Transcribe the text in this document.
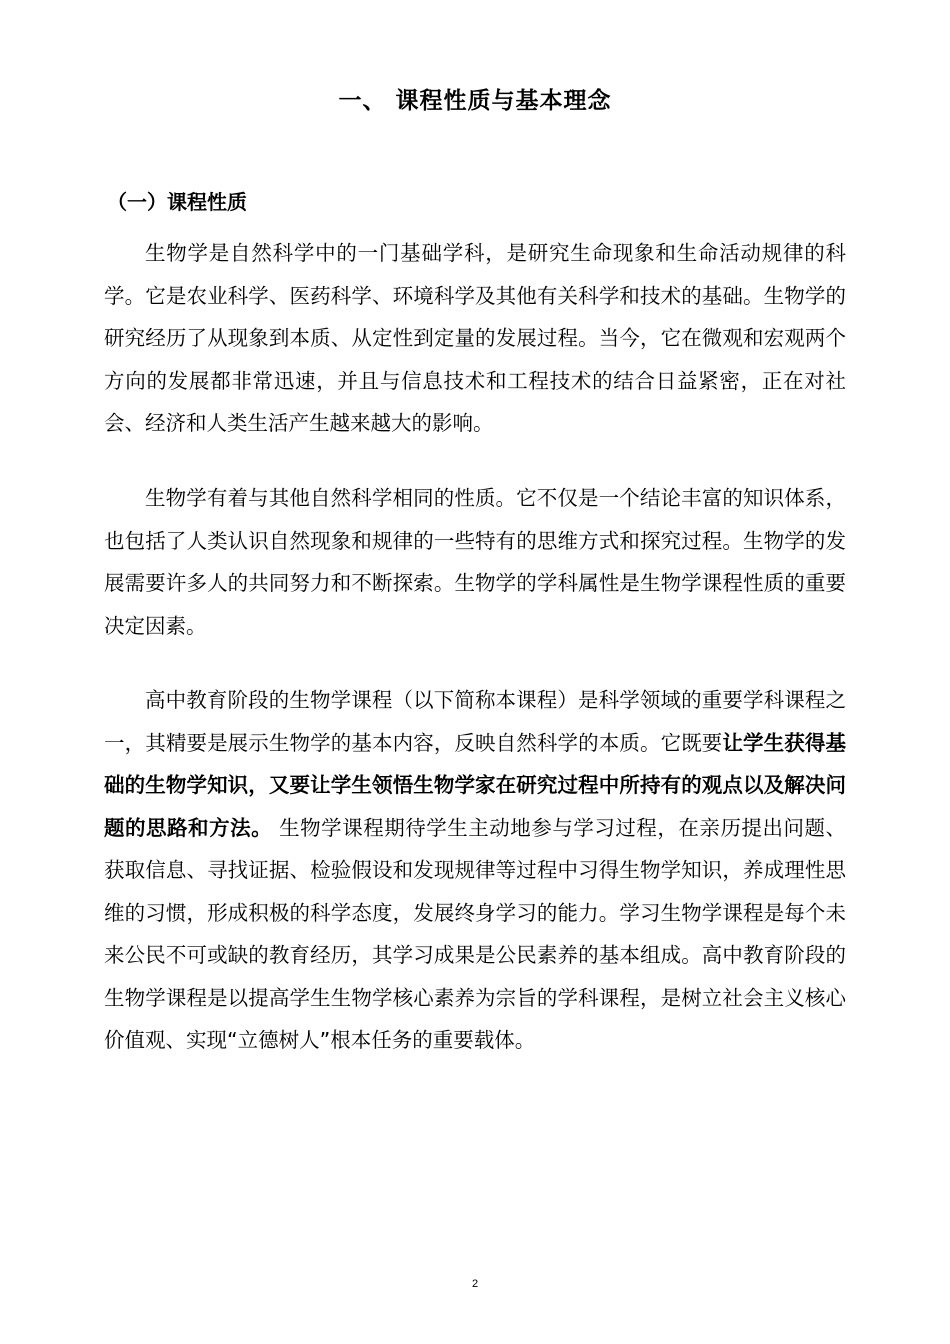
一、 课程性质与基本理念
（一）课程性质

生物学是自然科学中的一门基础学科，是研究生命现象和生命活动规律的科学。它是农业科学、医药科学、环境科学及其他有关科学和技术的基础。生物学的研究经历了从现象到本质、从定性到定量的发展过程。当今，它在微观和宏观两个方向的发展都非常迅速，并且与信息技术和工程技术的结合日益紧密，正在对社会、经济和人类生活产生越来越大的影响。

生物学有着与其他自然科学相同的性质。它不仅是一个结论丰富的知识体系，也包括了人类认识自然现象和规律的一些特有的思维方式和探究过程。生物学的发展需要许多人的共同努力和不断探索。生物学的学科属性是生物学课程性质的重要决定因素。

高中教育阶段的生物学课程（以下简称本课程）是科学领域的重要学科课程之一，其精要是展示生物学的基本内容，反映自然科学的本质。它既要让学生获得基础的生物学知识，又要让学生领悟生物学家在研究过程中所持有的观点以及解决问题的思路和方法。 生物学课程期待学生主动地参与学习过程，在亲历提出问题、获取信息、寻找证据、检验假设和发现规律等过程中习得生物学知识，养成理性思维的习惯，形成积极的科学态度，发展终身学习的能力。学习生物学课程是每个未来公民不可或缺的教育经历，其学习成果是公民素养的基本组成。高中教育阶段的生物学课程是以提高学生生物学核心素养为宗旨的学科课程，是树立社会主义核心价值观、实现“立德树人”根本任务的重要载体。

2
